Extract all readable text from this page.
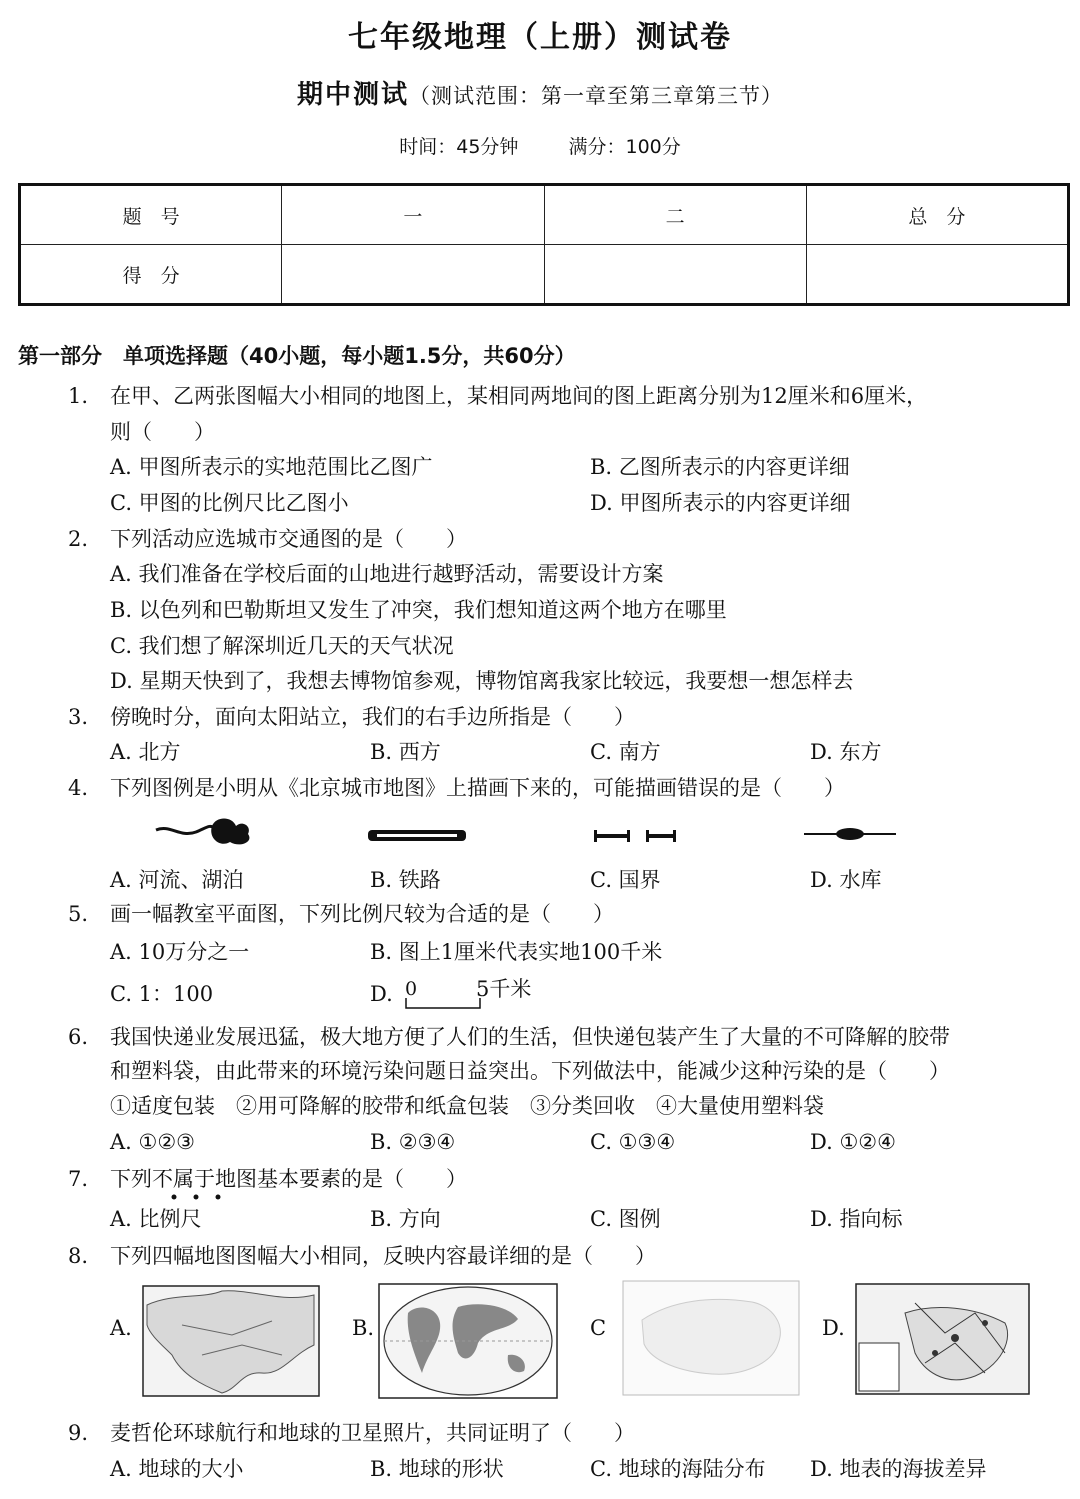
七年级地理（上册）测试卷
期中测试（测试范围：第一章至第三章第三节）
时间：45分钟	满分：100分
题　号	一	二	总　分
得　分			
第一部分　单项选择题（40小题，每小题1.5分，共60分）
1. 在甲、乙两张图幅大小相同的地图上，某相同两地间的图上距离分别为12厘米和6厘米，
则（　　）
A. 甲图所表示的实地范围比乙图广	B. 乙图所表示的内容更详细
C. 甲图的比例尺比乙图小	D. 甲图所表示的内容更详细
2. 下列活动应选城市交通图的是（　　）
A. 我们准备在学校后面的山地进行越野活动，需要设计方案
B. 以色列和巴勒斯坦又发生了冲突，我们想知道这两个地方在哪里
C. 我们想了解深圳近几天的天气状况
D. 星期天快到了，我想去博物馆参观，博物馆离我家比较远，我要想一想怎样去
3. 傍晚时分，面向太阳站立，我们的右手边所指是（　　）
A. 北方	B. 西方	C. 南方	D. 东方
4. 下列图例是小明从《北京城市地图》上描画下来的，可能描画错误的是（　　）
A. 河流、湖泊	B. 铁路	C. 国界	D. 水库
5. 画一幅教室平面图，下列比例尺较为合适的是（　　）
A. 10万分之一	B. 图上1厘米代表实地100千米
C. 1：100	D. 0	5千米
6. 我国快递业发展迅猛，极大地方便了人们的生活，但快递包装产生了大量的不可降解的胶带
和塑料袋，由此带来的环境污染问题日益突出。下列做法中，能减少这种污染的是（　　）
①适度包装　②用可降解的胶带和纸盒包装　③分类回收　④大量使用塑料袋
A. ①②③	B. ②③④	C. ①③④	D. ①②④
7. 下列不属于地图基本要素的是（　　）
A. 比例尺	B. 方向	C. 图例	D. 指向标
8. 下列四幅地图图幅大小相同，反映内容最详细的是（　　）
A.	B.	C	D.
9. 麦哲伦环球航行和地球的卫星照片，共同证明了（　　）
A. 地球的大小	B. 地球的形状	C. 地球的海陆分布 D. 地表的海拔差异
